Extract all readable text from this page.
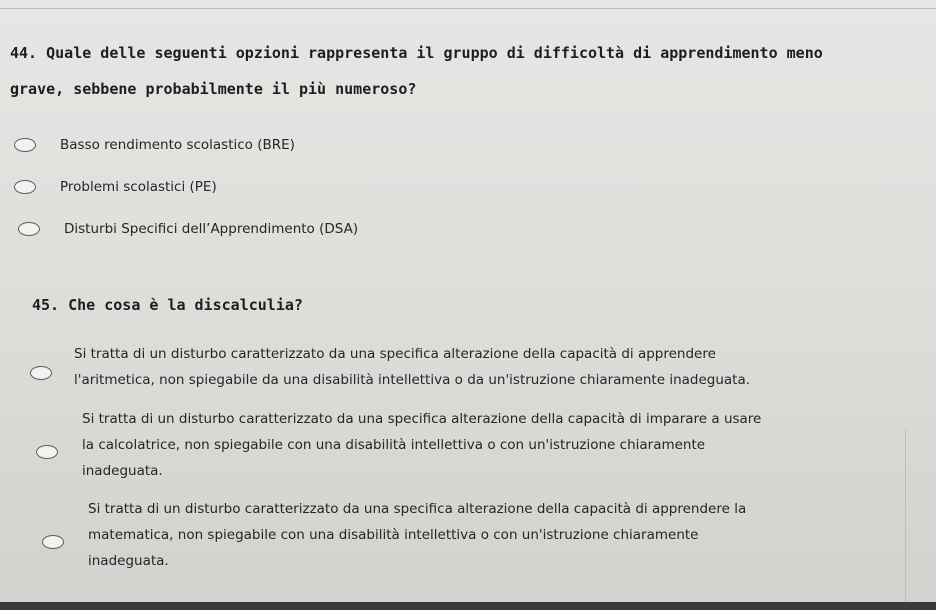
44. Quale delle seguenti opzioni rappresenta il gruppo di difficoltà di apprendimento meno

grave, sebbene probabilmente il più numeroso?

Basso rendimento scolastico (BRE)

Problemi scolastici (PE)

Disturbi Specifici dell’Apprendimento (DSA)

45. Che cosa è la discalculia?

Si tratta di un disturbo caratterizzato da una specifica alterazione della capacità di apprendere
l'aritmetica, non spiegabile da una disabilità intellettiva o da un'istruzione chiaramente inadeguata.

Si tratta di un disturbo caratterizzato da una specifica alterazione della capacità di imparare a usare
la calcolatrice, non spiegabile con una disabilità intellettiva o con un'istruzione chiaramente
inadeguata.

Si tratta di un disturbo caratterizzato da una specifica alterazione della capacità di apprendere la
matematica, non spiegabile con una disabilità intellettiva o con un'istruzione chiaramente
inadeguata.
